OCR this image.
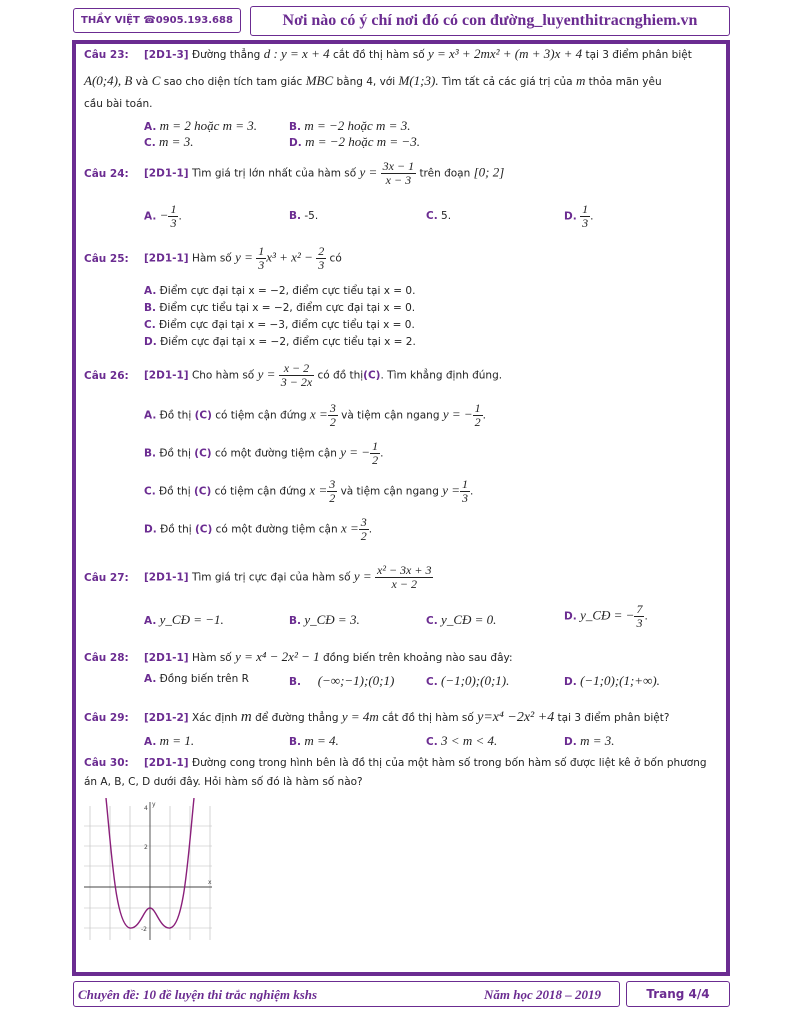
THẦY VIỆT ☎0905.193.688	Nơi nào có ý chí nơi đó có con đường_luyenthitracnghiem.vn
Câu 23: [2D1-3] Đường thẳng d : y = x + 4 cắt đồ thị hàm số y = x³ + 2mx² + (m + 3)x + 4 tại 3 điểm phân biệt
A(0;4), B và C sao cho diện tích tam giác MBC bằng 4, với M(1;3). Tìm tất cả các giá trị của m thỏa mãn yêu
cầu bài toán.
A. m = 2 hoặc m = 3.	B. m = −2 hoặc m = 3.
C. m = 3.	D. m = −2 hoặc m = −3.
Câu 24: [2D1-1] Tìm giá trị lớn nhất của hàm số $y = \frac{3x - 1}{x - 3}$ trên đoạn [0; 2]
A. − $\frac{1}{3}$ .	B. -5.	C. 5.	D. $\frac{1}{3}$ .
Câu 25: [2D1-1] Hàm số $y = \frac{1}{3} x^3 + x^2 - \frac{2}{3}$ có
A. Điểm cực đại tại x = −2, điểm cực tiểu tại x = 0.
B. Điểm cực tiểu tại x = −2, điểm cực đại tại x = 0.
C. Điểm cực đại tại x = −3, điểm cực tiểu tại x = 0.
D. Điểm cực đại tại x = −2, điểm cực tiểu tại x = 2.
Câu 26: [2D1-1] Cho hàm số $y = \frac{x - 2}{3 - 2x}$ có đồ thị(C). Tìm khẳng định đúng.
A. Đồ thị (C) có tiệm cận đứng $x = \frac{3}{2}$ và tiệm cận ngang y = − $\frac{1}{2}$ .
B. Đồ thị (C) có một đường tiệm cận y = − $\frac{1}{2}$ .
C. Đồ thị (C) có tiệm cận đứng $x = \frac{3}{2}$ và tiệm cận ngang $y = \frac{1}{3}$ .
D. Đồ thị (C) có một đường tiệm cận $x = \frac{3}{2}$ .
Câu 27: [2D1-1] Tìm giá trị cực đại của hàm số $y = \frac{\text{x² − 3x + 3}}{x - 2}$
A. y_CĐ = −1.	B. y_CĐ = 3.	C. y_CĐ = 0.	D. y_CĐ = − $\frac{7}{3}$ .
Câu 28: [2D1-1] Hàm số y = x⁴ − 2x² − 1 đồng biến trên khoảng nào sau đây:
A. Đồng biến trên R	B. (−∞;−1);(0;1)	C. (−1;0);(0;1).	D. (−1;0);(1;+∞).
Câu 29: [2D1-2] Xác định m để đường thẳng y = 4m cắt đồ thị hàm số y=x⁴ −2x² +4 tại 3 điểm phân biệt?
A. m = 1.	B. m = 4.	C. 3 < m < 4.	D. m = 3.
Câu 30: [2D1-1] Đường cong trong hình bên là đồ thị của một hàm số trong bốn hàm số được liệt kê ở bốn phương
án A, B, C, D dưới đây. Hỏi hàm số đó là hàm số nào?
4
2
-2
x
y
Chuyên đề: 10 đề luyện thi trắc nghiệm kshs	Năm học 2018 – 2019	Trang 4/4
